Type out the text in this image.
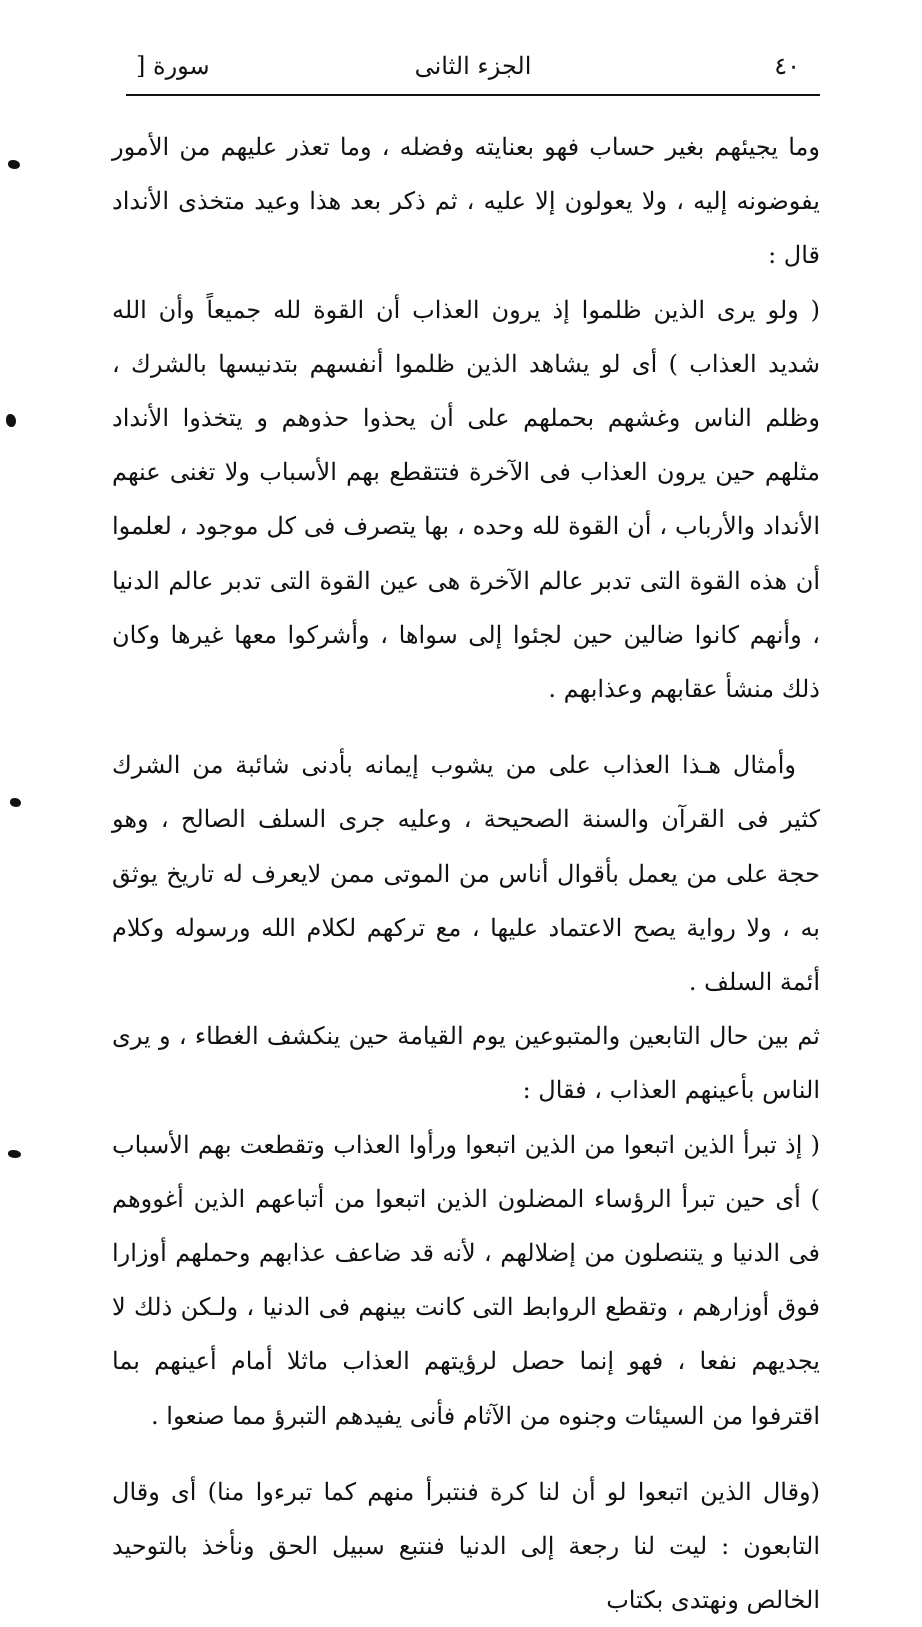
٤٠
الجزء الثانى
سورة [

وما يجيئهم بغير حساب فهو بعنايته وفضله ، وما تعذر عليهم من الأمور يفوضونه إليه ، ولا يعولون إلا عليه ، ثم ذكر بعد هذا وعيد متخذى الأنداد قال :

( ولو يرى الذين ظلموا إذ يرون العذاب أن القوة لله جميعاً وأن الله شديد العذاب ) أى لو يشاهد الذين ظلموا أنفسهم بتدنيسها بالشرك ، وظلم الناس وغشهم بحملهم على أن يحذوا حذوهم و يتخذوا الأنداد مثلهم حين يرون العذاب فى الآخرة فتتقطع بهم الأسباب ولا تغنى عنهم الأنداد والأرباب ، أن القوة لله وحده ، بها يتصرف فى كل موجود ، لعلموا أن هذه القوة التى تدبر عالم الآخرة هى عين القوة التى تدبر عالم الدنيا ، وأنهم كانوا ضالين حين لجئوا إلى سواها ، وأشركوا معها غيرها وكان ذلك منشأ عقابهم وعذابهم .

وأمثال هـذا العذاب على من يشوب إيمانه بأدنى شائبة من الشرك كثير فى القرآن والسنة الصحيحة ، وعليه جرى السلف الصالح ، وهو حجة على من يعمل بأقوال أناس من الموتى ممن لايعرف له تاريخ يوثق به ، ولا رواية يصح الاعتماد عليها ، مع تركهم لكلام الله ورسوله وكلام أئمة السلف .

ثم بين حال التابعين والمتبوعين يوم القيامة حين ينكشف الغطاء ، و يرى الناس بأعينهم العذاب ، فقال :

( إذ تبرأ الذين اتبعوا من الذين اتبعوا ورأوا العذاب وتقطعت بهم الأسباب ) أى حين تبرأ الرؤساء المضلون الذين اتبعوا من أتباعهم الذين أغووهم فى الدنيا و يتنصلون من إضلالهم ، لأنه قد ضاعف عذابهم وحملهم أوزارا فوق أوزارهم ، وتقطع الروابط التى كانت بينهم فى الدنيا ، ولـكن ذلك لا يجديهم نفعا ، فهو إنما حصل لرؤيتهم العذاب ماثلا أمام أعينهم بما اقترفوا من السيئات وجنوه من الآثام فأنى يفيدهم التبرؤ مما صنعوا .

(وقال الذين اتبعوا لو أن لنا كرة فنتبرأ منهم كما تبرءوا منا) أى وقال التابعون : ليت لنا رجعة إلى الدنيا فنتبع سبيل الحق ونأخذ بالتوحيد الخالص ونهتدى بكتاب
